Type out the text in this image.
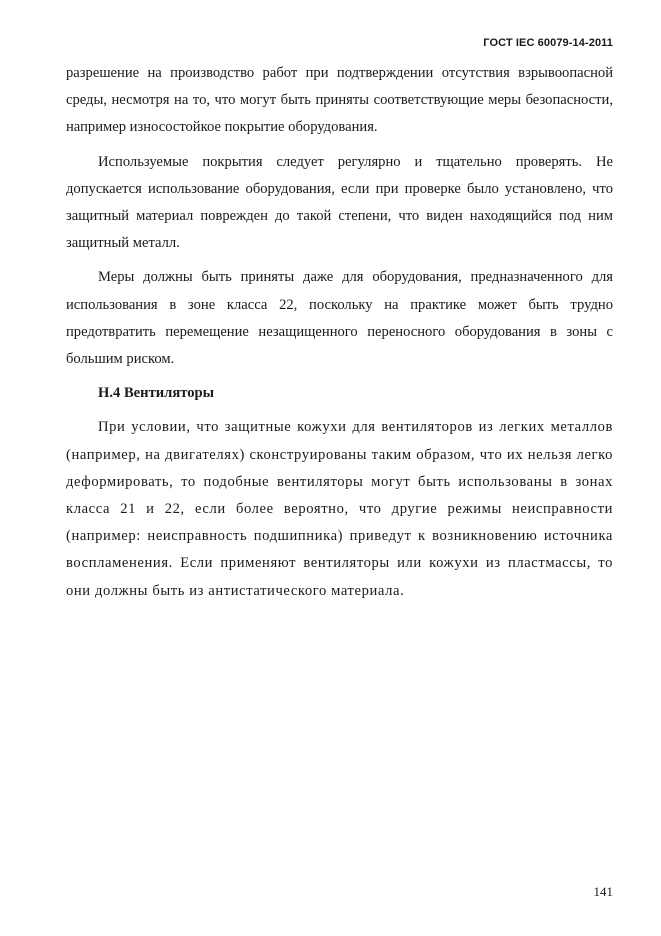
ГОСТ IEC 60079-14-2011

разрешение на производство работ при подтверждении отсутствия взрывоопасной среды, несмотря на то, что могут быть приняты соответствующие меры безопасности, например износостойкое покрытие оборудования.

Используемые покрытия следует регулярно и тщательно проверять. Не допускается использование оборудования, если при проверке было установлено, что защитный материал поврежден до такой степени, что виден находящийся под ним защитный металл.

Меры должны быть приняты даже для оборудования, предназначенного для использования в зоне класса 22, поскольку на практике может быть трудно предотвратить перемещение незащищенного переносного оборудования в зоны с большим риском.

Н.4 Вентиляторы

При условии, что защитные кожухи для вентиляторов из легких металлов (например, на двигателях) сконструированы таким образом, что их нельзя легко деформировать, то подобные вентиляторы могут быть использованы в зонах класса 21 и 22, если более вероятно, что другие режимы неисправности (например: неисправность подшипника) приведут к возникновению источника воспламенения. Если применяют вентиляторы или кожухи из пластмассы, то они должны быть из антистатического материала.

141
